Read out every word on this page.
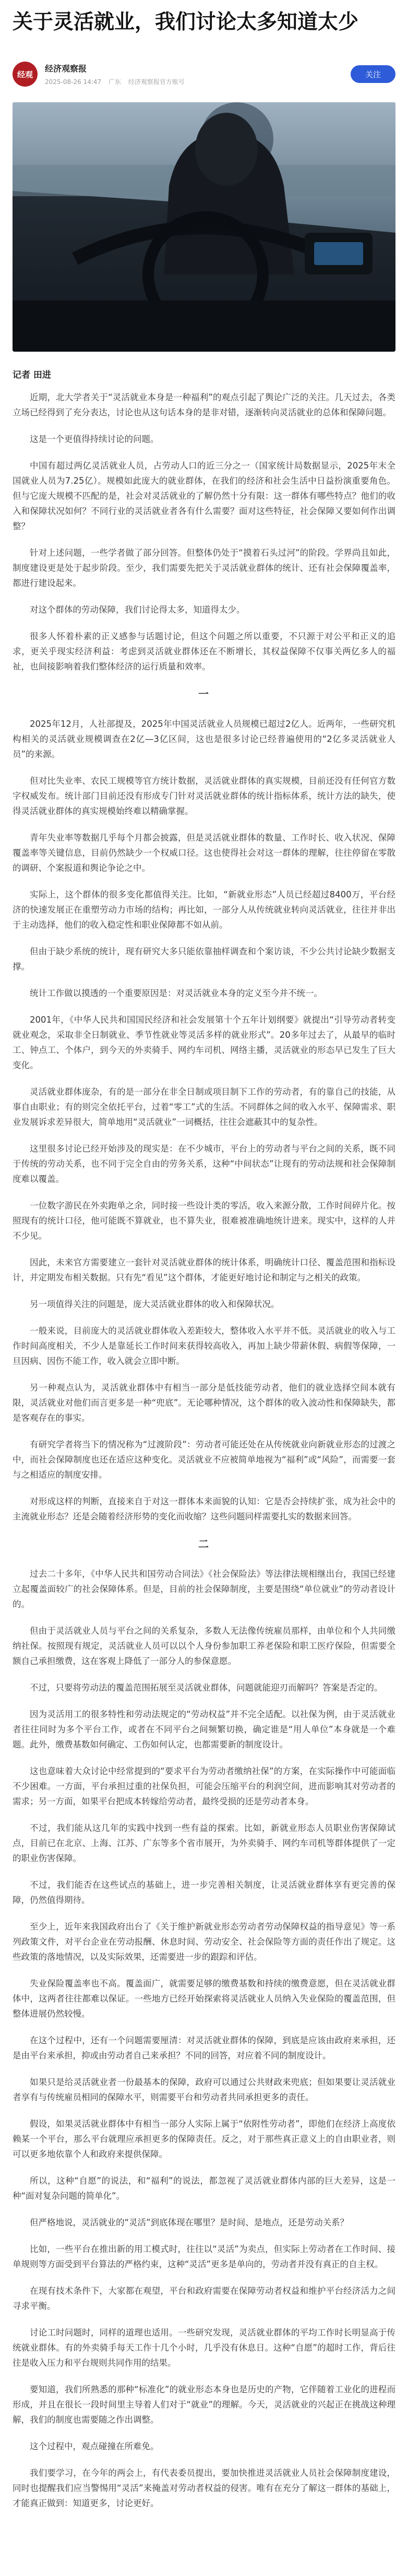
关于灵活就业，我们讨论太多知道太少
经观
经济观察报
2025-08-26 14:47 广东 经济观察报官方账号
关注
记者 田进

近期，北大学者关于“灵活就业本身是一种福利”的观点引起了舆论广泛的关注。几天过去，各类立场已经得到了充分表达，讨论也从这句话本身的是非对错，逐渐转向灵活就业的总体和保障问题。

这是一个更值得持续讨论的问题。

中国有超过两亿灵活就业人员，占劳动人口的近三分之一（国家统计局数据显示，2025年末全国就业人员为7.25亿）。规模如此庞大的就业群体，在我们的经济和社会生活中日益扮演重要角色。但与它庞大规模不匹配的是，社会对灵活就业的了解仍然十分有限：这一群体有哪些特点？他们的收入和保障状况如何？不同行业的灵活就业者各有什么需要？面对这些特征，社会保障又要如何作出调整？

针对上述问题，一些学者做了部分回答。但整体仍处于“摸着石头过河”的阶段。学界尚且如此，制度建设更是处于起步阶段。至少，我们需要先把关于灵活就业群体的统计、还有社会保障覆盖率，都进行建设起来。

对这个群体的劳动保障，我们讨论得太多，知道得太少。

很多人怀着朴素的正义感参与话题讨论，但这个问题之所以重要，不只源于对公平和正义的追求，更关乎现实经济利益：考虑到灵活就业群体还在不断增长，其权益保障不仅事关两亿多人的福祉，也间接影响着我们整体经济的运行质量和效率。

一

2025年12月，人社部提及，2025年中国灵活就业人员规模已超过2亿人。近两年，一些研究机构相关的灵活就业规模调查在2亿—3亿区间，这也是很多讨论已经普遍使用的“2亿多灵活就业人员”的来源。

但对比失业率、农民工规模等官方统计数据，灵活就业群体的真实规模，目前还没有任何官方数字权威发布。统计部门目前还没有形成专门针对灵活就业群体的统计指标体系，统计方法的缺失，使得灵活就业群体的真实规模始终难以精确掌握。

青年失业率等数据几乎每个月都会披露，但是灵活就业群体的数量、工作时长、收入状况、保障覆盖率等关键信息，目前仍然缺少一个权威口径。这也使得社会对这一群体的理解，往往停留在零散的调研、个案报道和舆论争论之中。

实际上，这个群体的很多变化都值得关注。比如，“新就业形态”人员已经超过8400万，平台经济的快速发展正在重塑劳动力市场的结构；再比如，一部分人从传统就业转向灵活就业，往往并非出于主动选择，他们的收入稳定性和职业保障都不如从前。

但由于缺少系统的统计，现有研究大多只能依靠抽样调查和个案访谈，不少公共讨论缺少数据支撑。

统计工作做以摸透的一个重要原因是：对灵活就业本身的定义至今并不统一。

2001年，《中华人民共和国国民经济和社会发展第十个五年计划纲要》就提出“引导劳动者转变就业观念，采取非全日制就业、季节性就业等灵活多样的就业形式”。20多年过去了，从最早的临时工、钟点工、个体户，到今天的外卖骑手、网约车司机、网络主播，灵活就业的形态早已发生了巨大变化。

灵活就业群体庞杂，有的是一部分在非全日制或项目制下工作的劳动者，有的靠自己的技能，从事自由职业；有的则完全依托平台，过着“零工”式的生活。不同群体之间的收入水平、保障需求、职业发展诉求差异很大，简单地用“灵活就业”一词概括，往往会遮蔽其中的复杂性。

这里很多讨论已经开始涉及的现实是：在不少城市，平台上的劳动者与平台之间的关系，既不同于传统的劳动关系，也不同于完全自由的劳务关系，这种“中间状态”让现有的劳动法规和社会保障制度难以覆盖。

一位数字游民在外卖跑单之余，同时接一些设计类的零活，收入来源分散，工作时间碎片化。按照现有的统计口径，他可能既不算就业，也不算失业，很难被准确地统计进来。现实中，这样的人并不少见。

因此，未来官方需要建立一套针对灵活就业群体的统计体系，明确统计口径、覆盖范围和指标设计，并定期发布相关数据。只有先“看见”这个群体，才能更好地讨论和制定与之相关的政策。

另一项值得关注的问题是，庞大灵活就业群体的收入和保障状况。

一般来说，目前庞大的灵活就业群体收入差距较大，整体收入水平并不低。灵活就业的收入与工作时间高度相关，不少人是靠延长工作时间来获得较高收入，再加上缺少带薪休假、病假等保障，一旦因病、因伤不能工作，收入就会立即中断。

另一种观点认为，灵活就业群体中有相当一部分是低技能劳动者，他们的就业选择空间本就有限，灵活就业对他们而言更多是一种“兜底”。无论哪种情况，这个群体的收入波动性和保障缺失，都是客观存在的事实。

有研究学者将当下的情况称为“过渡阶段”：劳动者可能还处在从传统就业向新就业形态的过渡之中，而社会保障制度也还在适应这种变化。灵活就业不应被简单地视为“福利”或“风险”，而需要一套与之相适应的制度安排。

对形成这样的判断，直接来自于对这一群体本来面貌的认知：它是否会持续扩张，成为社会中的主流就业形态？还是会随着经济形势的变化而收缩？这些问题同样需要扎实的数据来回答。

二

过去二十多年，《中华人民共和国劳动合同法》《社会保险法》等法律法规相继出台，我国已经建立起覆盖面较广的社会保障体系。但是，目前的社会保障制度，主要是围绕“单位就业”的劳动者设计的。

但由于灵活就业人员与平台之间的关系复杂，多数人无法像传统雇员那样，由单位和个人共同缴纳社保。按照现有规定，灵活就业人员可以以个人身份参加职工养老保险和职工医疗保险，但需要全额自己承担缴费，这在客观上降低了一部分人的参保意愿。

不过，只要将劳动法的覆盖范围拓展至灵活就业群体，问题就能迎刃而解吗？答案是否定的。

因为灵活用工的很多特性和劳动法规定的“劳动权益”并不完全适配。以社保为例，由于灵活就业者往往同时为多个平台工作，或者在不同平台之间频繁切换，确定谁是“用人单位”本身就是一个难题。此外，缴费基数如何确定、工伤如何认定，也都需要新的制度设计。

这也意味着大众讨论中经常提到的“要求平台为劳动者缴纳社保”的方案，在实际操作中可能面临不少困难。一方面，平台承担过重的社保负担，可能会压缩平台的利润空间，进而影响其对劳动者的需求；另一方面，如果平台把成本转嫁给劳动者，最终受损的还是劳动者本身。

不过，我们能从这几年的实践中找到一些有益的探索。比如，新就业形态人员职业伤害保障试点，目前已在北京、上海、江苏、广东等多个省市展开，为外卖骑手、网约车司机等群体提供了一定的职业伤害保障。

不过，我们能否在这些试点的基础上，进一步完善相关制度，让灵活就业群体享有更完善的保障，仍然值得期待。

至少上，近年来我国政府出台了《关于维护新就业形态劳动者劳动保障权益的指导意见》等一系列政策文件，对平台企业在劳动报酬、休息时间、劳动安全、社会保险等方面的责任作出了规定。这些政策的落地情况，以及实际效果，还需要进一步的跟踪和评估。

失业保险覆盖率也不高。覆盖面广，就需要足够的缴费基数和持续的缴费意愿，但在灵活就业群体中，这两者往往都难以保证。一些地方已经开始探索将灵活就业人员纳入失业保险的覆盖范围，但整体进展仍然较慢。

在这个过程中，还有一个问题需要厘清：对灵活就业群体的保障，到底是应该由政府来承担，还是由平台来承担，抑或由劳动者自己来承担？不同的回答，对应着不同的制度设计。

如果只是给灵活就业者一份最基本的保障，政府可以通过公共财政来兜底；但如果要让灵活就业者享有与传统雇员相同的保障水平，则需要平台和劳动者共同承担更多的责任。

假设，如果灵活就业群体中有相当一部分人实际上属于“依附性劳动者”，即他们在经济上高度依赖某一个平台，那么平台就理应承担更多的保障责任。反之，对于那些真正意义上的自由职业者，则可以更多地依靠个人和政府来提供保障。

所以，这种“自愿”的说法，和“福利”的说法，都忽视了灵活就业群体内部的巨大差异，这是一种“面对复杂问题的简单化”。

但严格地说，灵活就业的“灵活”到底体现在哪里？是时间、是地点，还是劳动关系？

比如，一些平台在推出新的用工模式时，往往以“灵活”为卖点，但实际上劳动者在工作时间、接单规则等方面受到平台算法的严格约束，这种“灵活”更多是单向的，劳动者并没有真正的自主权。

在现有技术条件下，大家都在观望，平台和政府需要在保障劳动者权益和维护平台经济活力之间寻求平衡。

讨论工时问题时，同样的道理也适用。一些研究发现，灵活就业群体的平均工作时长明显高于传统就业群体。有的外卖骑手每天工作十几个小时，几乎没有休息日。这种“自愿”的超时工作，背后往往是收入压力和平台规则共同作用的结果。

要知道，我们所熟悉的那种“标准化”的就业形态本身也是历史的产物，它伴随着工业化的进程而形成，并且在很长一段时间里主导着人们对于“就业”的理解。今天，灵活就业的兴起正在挑战这种理解，我们的制度也需要随之作出调整。

这个过程中，观点碰撞在所难免。

我们要学习，在今年的两会上，有代表委员提出，要加快推进灵活就业人员社会保障制度建设，同时也提醒我们应当警惕用“灵活”来掩盖对劳动者权益的侵害。唯有在充分了解这一群体的基础上，才能真正做到：知道更多，讨论更好。
